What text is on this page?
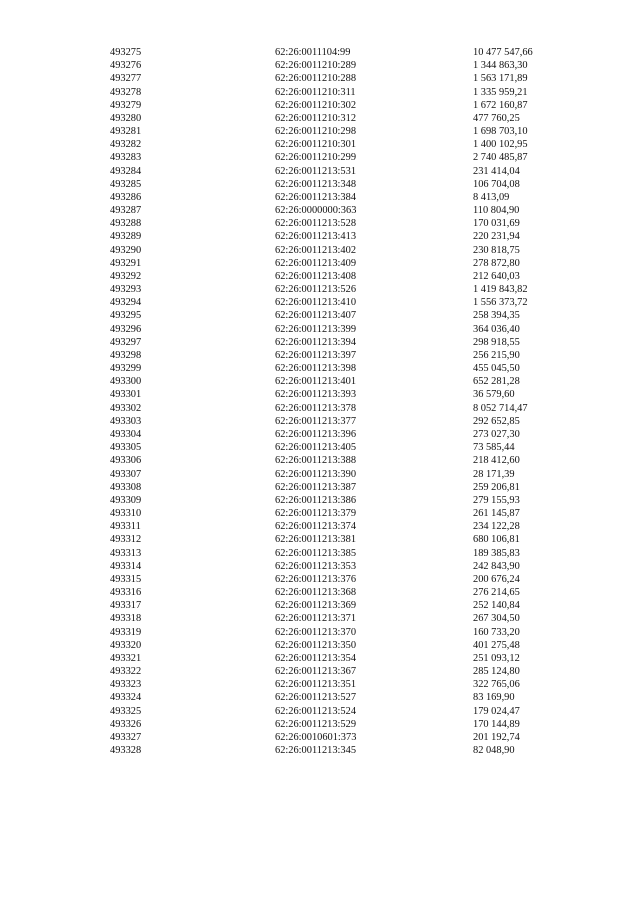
493275	62:26:0011104:99	10 477 547,66
493276	62:26:0011210:289	1 344 863,30
493277	62:26:0011210:288	1 563 171,89
493278	62:26:0011210:311	1 335 959,21
493279	62:26:0011210:302	1 672 160,87
493280	62:26:0011210:312	477 760,25
493281	62:26:0011210:298	1 698 703,10
493282	62:26:0011210:301	1 400 102,95
493283	62:26:0011210:299	2 740 485,87
493284	62:26:0011213:531	231 414,04
493285	62:26:0011213:348	106 704,08
493286	62:26:0011213:384	8 413,09
493287	62:26:0000000:363	110 804,90
493288	62:26:0011213:528	170 031,69
493289	62:26:0011213:413	220 231,94
493290	62:26:0011213:402	230 818,75
493291	62:26:0011213:409	278 872,80
493292	62:26:0011213:408	212 640,03
493293	62:26:0011213:526	1 419 843,82
493294	62:26:0011213:410	1 556 373,72
493295	62:26:0011213:407	258 394,35
493296	62:26:0011213:399	364 036,40
493297	62:26:0011213:394	298 918,55
493298	62:26:0011213:397	256 215,90
493299	62:26:0011213:398	455 045,50
493300	62:26:0011213:401	652 281,28
493301	62:26:0011213:393	36 579,60
493302	62:26:0011213:378	8 052 714,47
493303	62:26:0011213:377	292 652,85
493304	62:26:0011213:396	273 027,30
493305	62:26:0011213:405	73 585,44
493306	62:26:0011213:388	218 412,60
493307	62:26:0011213:390	28 171,39
493308	62:26:0011213:387	259 206,81
493309	62:26:0011213:386	279 155,93
493310	62:26:0011213:379	261 145,87
493311	62:26:0011213:374	234 122,28
493312	62:26:0011213:381	680 106,81
493313	62:26:0011213:385	189 385,83
493314	62:26:0011213:353	242 843,90
493315	62:26:0011213:376	200 676,24
493316	62:26:0011213:368	276 214,65
493317	62:26:0011213:369	252 140,84
493318	62:26:0011213:371	267 304,50
493319	62:26:0011213:370	160 733,20
493320	62:26:0011213:350	401 275,48
493321	62:26:0011213:354	251 093,12
493322	62:26:0011213:367	285 124,80
493323	62:26:0011213:351	322 765,06
493324	62:26:0011213:527	83 169,90
493325	62:26:0011213:524	179 024,47
493326	62:26:0011213:529	170 144,89
493327	62:26:0010601:373	201 192,74
493328	62:26:0011213:345	82 048,90
